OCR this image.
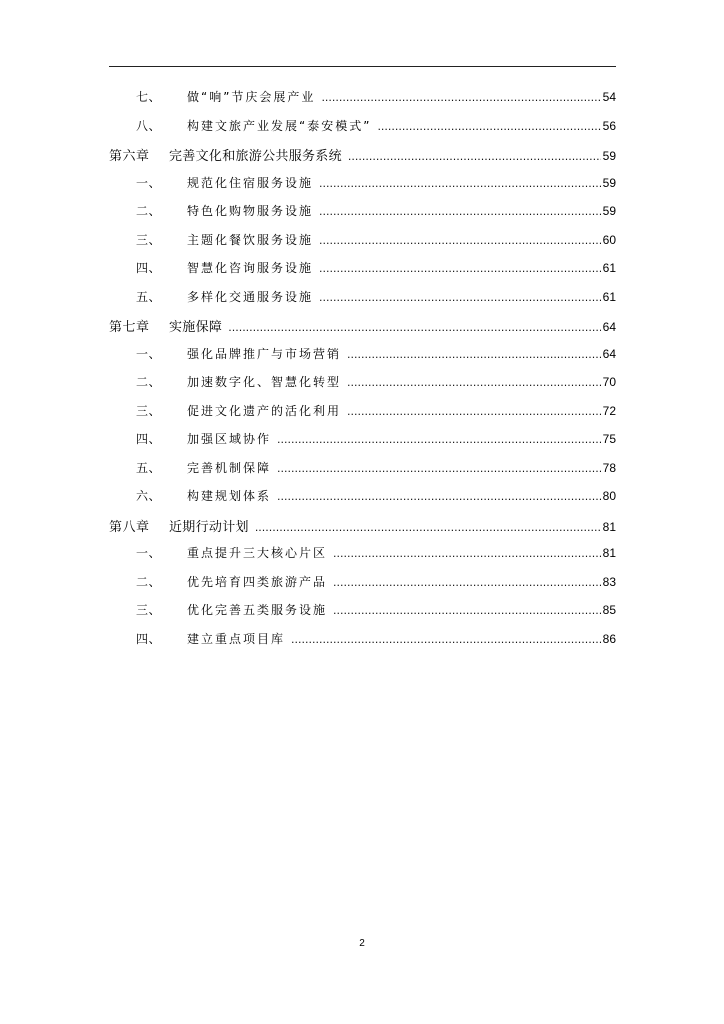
七、	做“响”节庆会展产业 .....	54
八、	构建文旅产业发展“泰安模式” .....	56
第六章	完善文化和旅游公共服务系统 .....	59
一、	规范化住宿服务设施 .....	59
二、	特色化购物服务设施 .....	59
三、	主题化餐饮服务设施 .....	60
四、	智慧化咨询服务设施 .....	61
五、	多样化交通服务设施 .....	61
第七章	实施保障 .....	64
一、	强化品牌推广与市场营销 .....	64
二、	加速数字化、智慧化转型 .....	70
三、	促进文化遗产的活化利用 .....	72
四、	加强区域协作 .....	75
五、	完善机制保障 .....	78
六、	构建规划体系 .....	80
第八章	近期行动计划 .....	81
一、	重点提升三大核心片区 .....	81
二、	优先培育四类旅游产品 .....	83
三、	优化完善五类服务设施 .....	85
四、	建立重点项目库 .....	86
2
